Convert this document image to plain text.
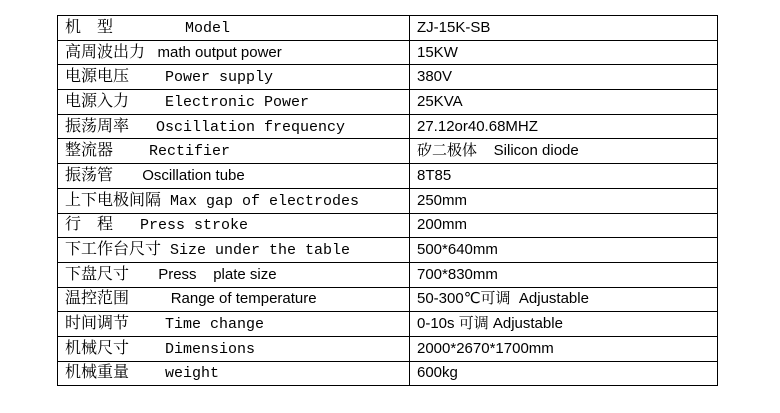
机　型        Model	ZJ-15K-SB
高周波出力   math output power	15KW
电源电压    Power supply	380V
电源入力    Electronic Power	25KVA
振荡周率   Oscillation frequency	27.12or40.68MHZ
整流器    Rectifier	矽二极体    Silicon diode
振荡管       Oscillation tube	8T85
上下电极间隔 Max gap of electrodes	250mm
行　程   Press stroke	200mm
下工作台尺寸 Size under the table	500*640mm
下盘尺寸       Press    plate size	700*830mm
温控范围          Range of temperature	50-300℃可调  Adjustable
时间调节    Time change	0-10s 可调 Adjustable
机械尺寸    Dimensions	2000*2670*1700mm
机械重量    weight	600kg
